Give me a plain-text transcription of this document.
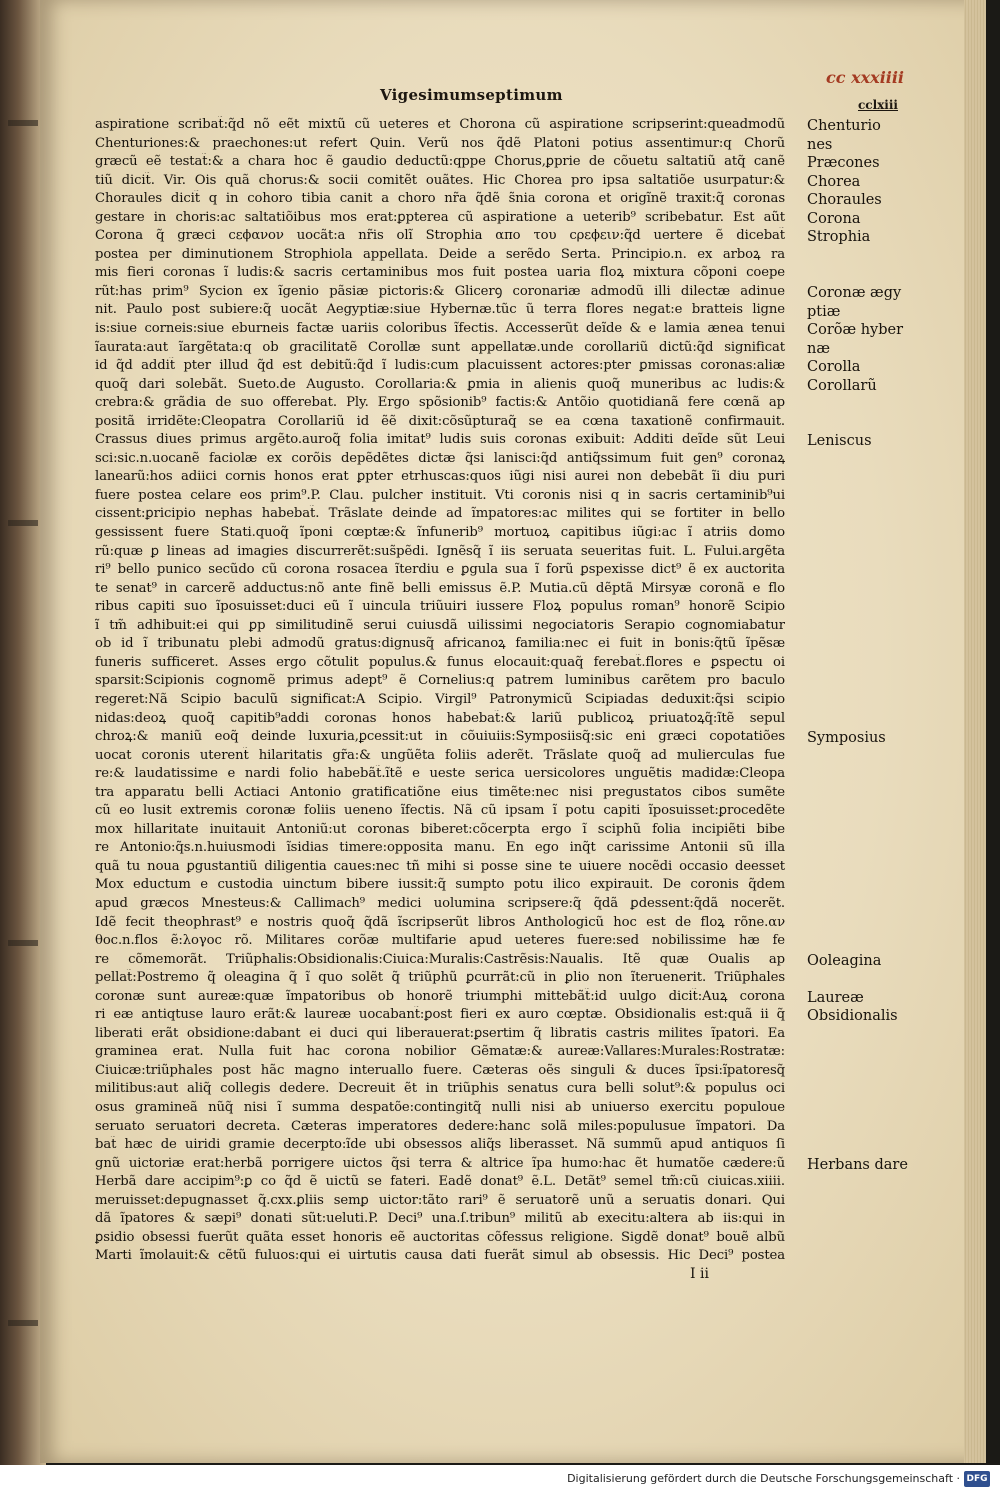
Vigesimumseptimum
cc xxxiiii
cclxiii
aspiratione scribat̃:q̃d nõ eẽt mixtũ cũ ueteres et Chorona cũ aspiratione scripserint:queadmodũ
Chenturiones:& praechones:ut refert Quin. Verũ nos q̃dẽ Platoni potius assentimur:q Chorũ
græcũ eẽ testat̃:& a chara hoc ẽ gaudio deductũ:qppe Chorus,ꝑprie de cõuetu saltatiũ atq̃ canẽ
tiũ dicit̃. Vir. Ois quã chorus:& socii comitẽt ouãtes. Hic Chorea pro ipsa saltatiõe usurpatur:&
Choraules dicit̃ q in cohoro tibia canit a choro nr̃a q̃dẽ s̃nia corona et origĩnẽ traxit:q̃ coronas
gestare in choris:ac saltatiõibus mos erat:ꝑpterea cũ aspiratione a ueterib⁹ scribebatur. Est aũt
Corona q̃ græci ϲεϕανον uocãt:a nr̃is olĩ Strophia απο του ϲρεϕειν:q̃d uertere ẽ dicebat̃
postea per diminutionem Strophiola appellata. Deide a serẽdo Serta. Principio.n. ex arboꝝ ra
mis fieri coronas ĩ ludis:& sacris certaminibus mos fuit postea uaria floꝝ mixtura cõponi coepe
rũt:has prim⁹ Sycion ex ĩgenio pãsiæ pictoris:& Glicerꝯ coronariæ admodũ illi dilectæ adinue
nit. Paulo post subiere:q̃ uocãt Aegyptiæ:siue Hybernæ.tũc ũ terra flores negat:e bratteis ligne
is:siue corneis:siue eburneis factæ uariis coloribus ĩfectis. Accesserũt deĩde & e lamia ænea tenui
ĩaurata:aut ĩargẽtata:q ob gracilitatẽ Corollæ sunt appellatæ.unde corollariũ dictũ:q̃d significat
id q̃d addit̃ pter illud q̃d est debitũ:q̃d ĩ ludis:cum placuissent actores:pter ꝑmissas coronas:aliæ
quoq̃ dari solebãt. Sueto.de Augusto. Corollaria:& ꝑmia in alienis quoq̃ muneribus ac ludis:&
crebra:& grãdia de suo offerebat. Ply. Ergo spõsionib⁹ factis:& Antõio quotidianã fere cœnã ap
positã irridẽte:Cleopatra Corollariũ id ẽẽ dixit:cõsũpturaq̃ se ea cœna taxationẽ confirmauit.
Crassus diues primus argẽto.auroq̃ folia imitat⁹ ludis suis coronas exibuit: Additi deĩde sũt Leui
sci:sic.n.uocanẽ faciolæ ex corõis depẽdẽtes dictæ q̃si lanisci:q̃d antiq̃ssimum fuit gen⁹ coronaꝝ
lanearũ:hos adiici cornis honos erat ꝑpter etrhuscas:quos iũgi nisi aurei non debebãt ĩi diu puri
fuere postea celare eos prim⁹.P. Clau. pulcher instituit. Vti coronis nisi q in sacris certaminib⁹ui
cissent:ꝑricipio nephas habebat̃. Trãslate deinde ad ĩmpatores:ac milites qui se fortiter in bello
gessissent fuere Stati.quoq̃ ĩponi cœptæ:& ĩnfunerib⁹ mortuoꝝ capitibus iũgi:ac ĩ atriis domo
rũ:quæ ꝑ lineas ad imagies discurrerẽt:sus̃pẽdi. Ignẽsq̃ ĩ iis seruata seueritas fuit. L. Fului.argẽta
ri⁹ bello punico secũdo cũ corona rosacea ĩterdiu e ꝑgula sua ĩ forũ ꝑspexisse dict⁹ ẽ ex auctorita
te senat⁹ in carcerẽ adductus:nõ ante finẽ belli emissus ẽ.P. Mutia.cũ dẽptã Mirsyæ coronã e flo
ribus capiti suo ĩposuisset:duci eũ ĩ uincula triũuiri iussere Floꝝ populus roman⁹ honorẽ Scipio
ĩ tm̃ adhibuit:ei qui ꝑp similitudinẽ serui cuiusdã uilissimi negociatoris Serapio cognomiabatur
ob id ĩ tribunatu plebi admodũ gratus:dignusq̃ africanoꝝ familia:nec ei fuit in bonis:q̃tũ ĩpẽsæ
funeris sufficeret. Asses ergo cõtulit populus.& funus elocauit:quaq̃ ferebat̃.flores e ꝑspectu oi
sparsit:Scipionis cognomẽ primus adept⁹ ẽ Cornelius:q patrem luminibus carẽtem pro baculo
regeret:Nã Scipio baculũ significat:A Scipio. Virgil⁹ Patronymicũ Scipiadas deduxit:q̃si scipio
nidas:deoꝝ quoq̃ capitib⁹addi coronas honos habebat̃:& lariũ publicoꝝ priuatoꝝq̃:ĩtẽ sepul
chroꝝ:& maniũ eoq̃ deinde luxuria,ꝑcessit:ut in cõuiuiis:Symposiisq̃:sic eni græci copotatiões
uocat coronis uterent̃ hilaritatis gr̃a:& ungũẽta foliis aderẽt. Trãslate quoq̃ ad mulierculas fue
re:& laudatissime e nardi folio habebãt̃.ĩtẽ e ueste serica uersicolores unguẽtis madidæ:Cleopa
tra apparatu belli Actiaci Antonio gratificatiõne eius timẽte:nec nisi pregustatos cibos sumẽte
cũ eo lusit extremis coronæ foliis ueneno ĩfectis. Nã cũ ipsam ĩ potu capiti ĩposuisset:ꝑrocedẽte
mox hillaritate inuitauit Antoniũ:ut coronas biberet:cõcerpta ergo ĩ sciphũ folia incipiẽti bibe
re Antonio:q̃s.n.huiusmodi ĩsidias timere:opposita manu. En ego inq̃t carissime Antonii sũ illa
quã tu noua ꝑgustantiũ diligentia caues:nec tñ mihi si posse sine te uiuere nocẽdi occasio deesset
Mox eductum e custodia uinctum bibere iussit:q̃ sumpto potu ilico expirauit. De coronis q̃dem
apud græcos Mnesteus:& Callimach⁹ medici uolumina scripsere:q̃ q̃dã ꝑdessent:q̃dã nocerẽt.
Idẽ fecit theophrast⁹ e nostris quoq̃ q̃dã ĩscripserũt libros Anthologicũ hoc est de floꝝ rõne.αν
θοϲ.n.flos ẽ:λογοϲ rõ. Militares corõæ multifarie apud ueteres fuere:sed nobilissime hæ fe
re cõmemorãt. Triũphalis:Obsidionalis:Ciuica:Muralis:Castrẽsis:Naualis. Itẽ quæ Oualis ap
pellat̃:Postremo q̃ oleagina q̃ ĩ quo solẽt q̃ triũphũ ꝑcurrãt:cũ in ꝑlio non ĩteruenerit. Triũphales
coronæ sunt aureæ:quæ ĩmpatoribus ob honorẽ triumphi mittebãt̃:id uulgo dicit̃:Auꝝ corona
ri eæ antiqtuse lauro erãt:& laureæ uocabant̃:ꝑost fieri ex auro cœptæ. Obsidionalis est:quã ii q̃
liberati erãt obsidione:dabant ei duci qui liberauerat:ꝑsertim q̃ libratis castris milites ĩpatori. Ea
graminea erat. Nulla fuit hac corona nobilior Gẽmatæ:& aureæ:Vallares:Murales:Rostratæ:
Ciuicæ:triũphales post hãc magno interuallo fuere. Cæteras oẽs singuli & duces ĩpsi:ĩpatoresq̃
militibus:aut aliq̃ collegis dedere. Decreuit ẽt in triũphis senatus cura belli solut⁹:& populus oci
osus gramineã nũq̃ nisi ĩ summa despatõe:contingitq̃ nulli nisi ab uniuerso exercitu populoue
seruato seruatori decreta. Cæteras imperatores dedere:hanc solã miles:populusue ĩmpatori. Da
bat̃ hæc de uiridi gramie decerpto:ĩde ubi obsessos aliq̃s liberasset. Nã summũ apud antiquos ſi
gnũ uictoriæ erat:herbã porrigere uictos q̃si terra & altrice ĩpa humo:hac ẽt humatõe cædere:ũ
Herbã dare accipim⁹:ꝑ co q̃d ẽ uictũ se fateri. Eadẽ donat⁹ ẽ.L. Detãt⁹ semel tm̃:cũ ciuicas.xiiii.
meruisset:depugnasset q̃.cxx.ꝑliis semꝑ uictor:tãto rari⁹ ẽ seruatorẽ unũ a seruatis donari. Qui
dã ĩpatores & sæpi⁹ donati sũt:ueluti.P. Deci⁹ una.ſ.tribun⁹ militũ ab execitu:altera ab iis:qui in
ꝑsidio obsessi fuerũt quãta esset honoris eẽ auctoritas cõfessus religione. Sigdẽ donat⁹ bouẽ albũ
Marti ĩmolauit:& cẽtũ fuluos:qui ei uirtutis causa dati fuerãt simul ab obsessis. Hic Deci⁹ postea
Chenturio
nes
Præcones
Chorea
Choraules
Corona
Strophia
Coronæ ægy
ptiæ
Corõæ hyber
næ
Corolla
Corollarũ
Leniscus
Symposius
Ooleagina
Laureæ
Obsidionalis
Herbans dare
I ii
Digitalisierung gefördert durch die Deutsche Forschungsgemeinschaft · DFG
